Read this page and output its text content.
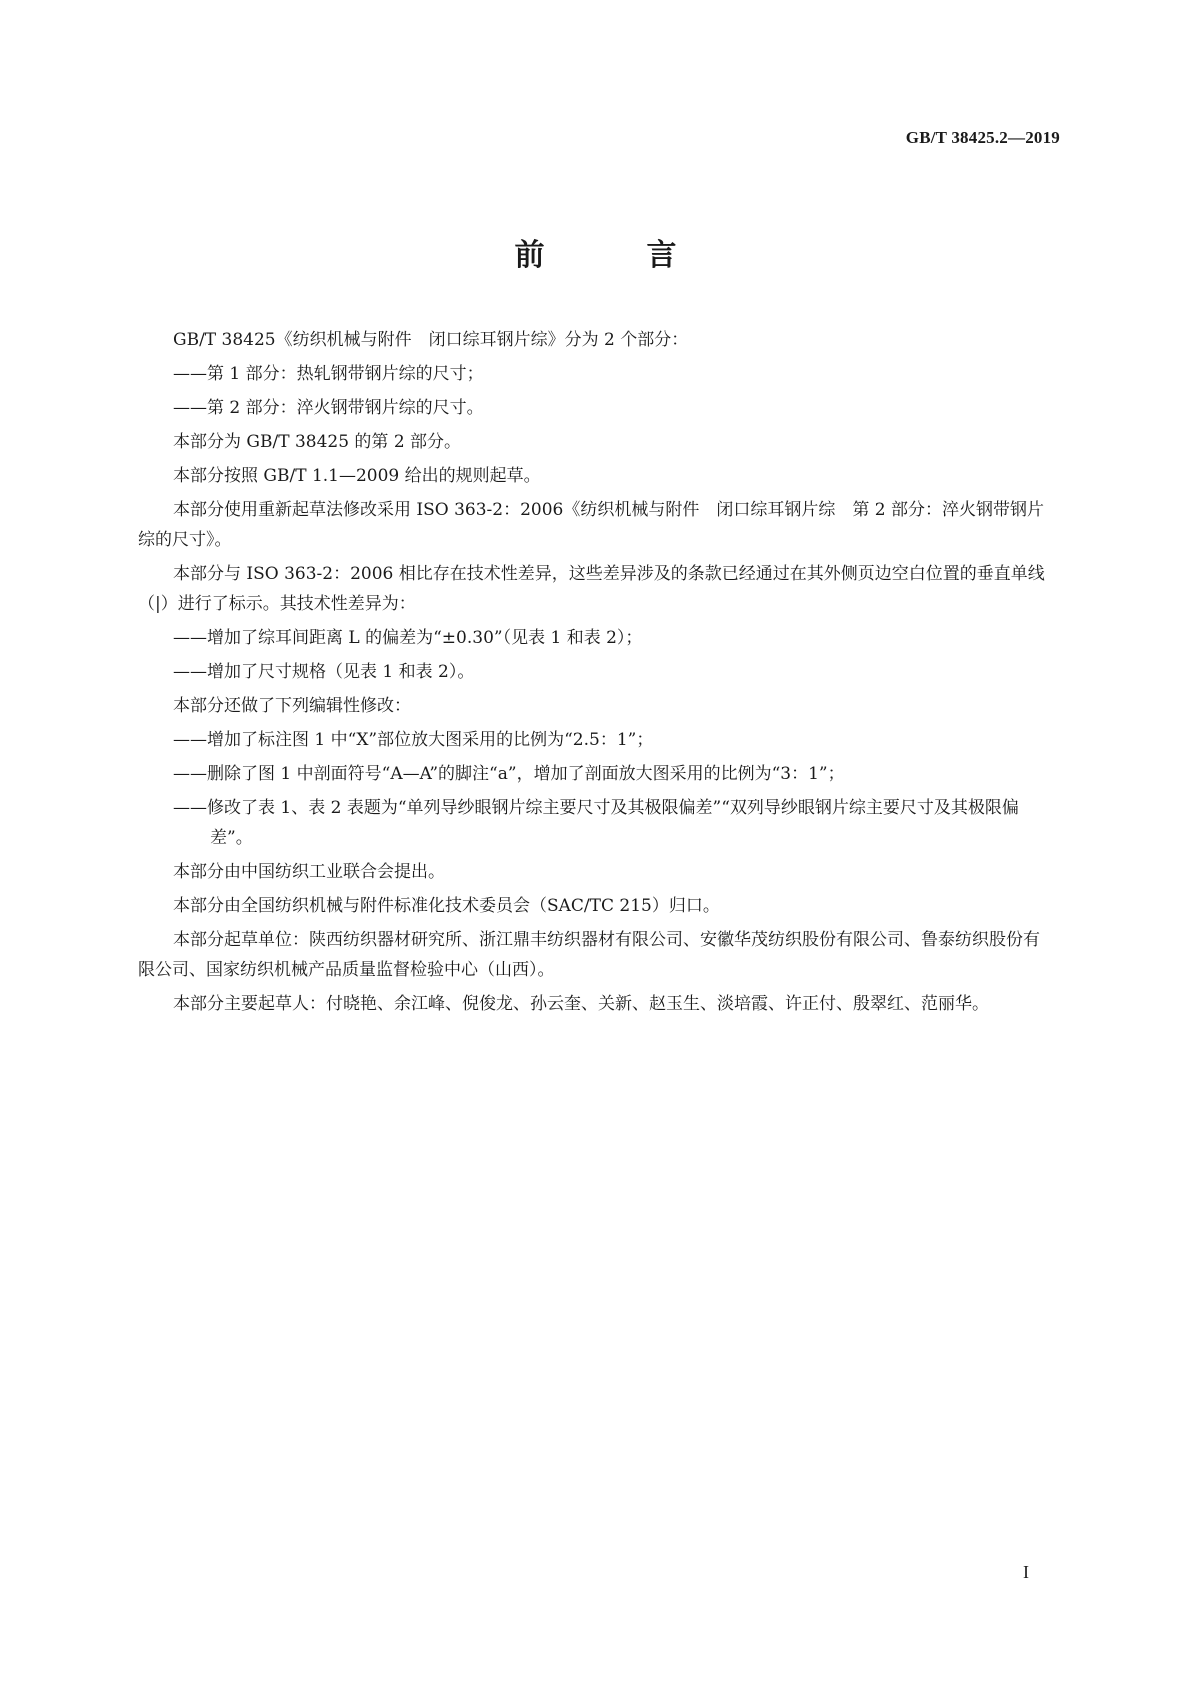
GB/T 38425.2—2019
前　言

GB/T 38425《纺织机械与附件　闭口综耳钢片综》分为 2 个部分：

——第 1 部分：热轧钢带钢片综的尺寸；

——第 2 部分：淬火钢带钢片综的尺寸。

本部分为 GB/T 38425 的第 2 部分。

本部分按照 GB/T 1.1—2009 给出的规则起草。

本部分使用重新起草法修改采用 ISO 363-2：2006《纺织机械与附件　闭口综耳钢片综　第 2 部分：淬火钢带钢片综的尺寸》。

本部分与 ISO 363-2：2006 相比存在技术性差异，这些差异涉及的条款已经通过在其外侧页边空白位置的垂直单线（|）进行了标示。其技术性差异为：

——增加了综耳间距离 L 的偏差为“±0.30”（见表 1 和表 2）；

——增加了尺寸规格（见表 1 和表 2）。

本部分还做了下列编辑性修改：

——增加了标注图 1 中“X”部位放大图采用的比例为“2.5：1”；

——删除了图 1 中剖面符号“A—A”的脚注“a”，增加了剖面放大图采用的比例为“3：1”；

——修改了表 1、表 2 表题为“单列导纱眼钢片综主要尺寸及其极限偏差”“双列导纱眼钢片综主要尺寸及其极限偏差”。

本部分由中国纺织工业联合会提出。

本部分由全国纺织机械与附件标准化技术委员会（SAC/TC 215）归口。

本部分起草单位：陕西纺织器材研究所、浙江鼎丰纺织器材有限公司、安徽华茂纺织股份有限公司、鲁泰纺织股份有限公司、国家纺织机械产品质量监督检验中心（山西）。

本部分主要起草人：付晓艳、余江峰、倪俊龙、孙云奎、关新、赵玉生、淡培霞、许正付、殷翠红、范丽华。

I
